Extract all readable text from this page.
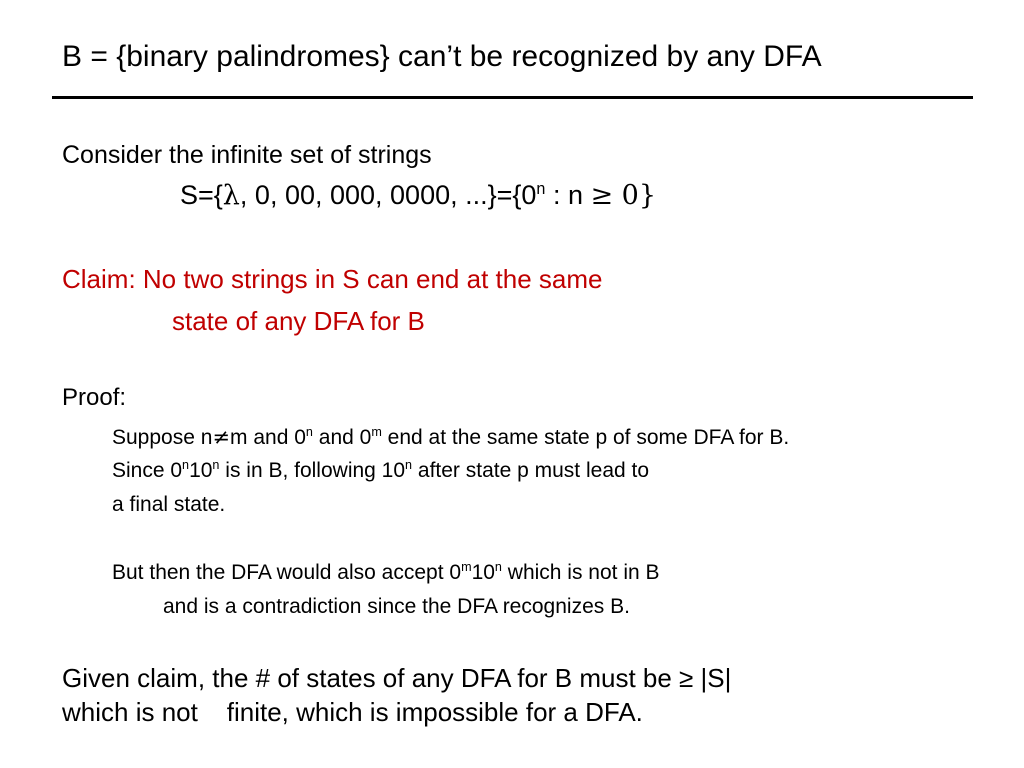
B = {binary palindromes} can’t be recognized by any DFA
Consider the infinite set of strings
S={λ, 0, 00, 000, 0000, $...\}=\{0^n$ : n ≥ 0}
Claim: No two strings in S can end at the same
state of any DFA for B
Proof:
Suppose n≠m and 0$^n$ and 0$^m$ end at the same state p of some DFA for B.
Since 0$^n$10$^n$ is in B, following 10$^n$ after state p must lead to
a final state.
But then the DFA would also accept 0$^m$10$^n$ which is not in B
and is a contradiction since the DFA recognizes B.
Given claim, the # of states of any DFA for B must be ≥ |S|
which is not    finite, which is impossible for a DFA.
